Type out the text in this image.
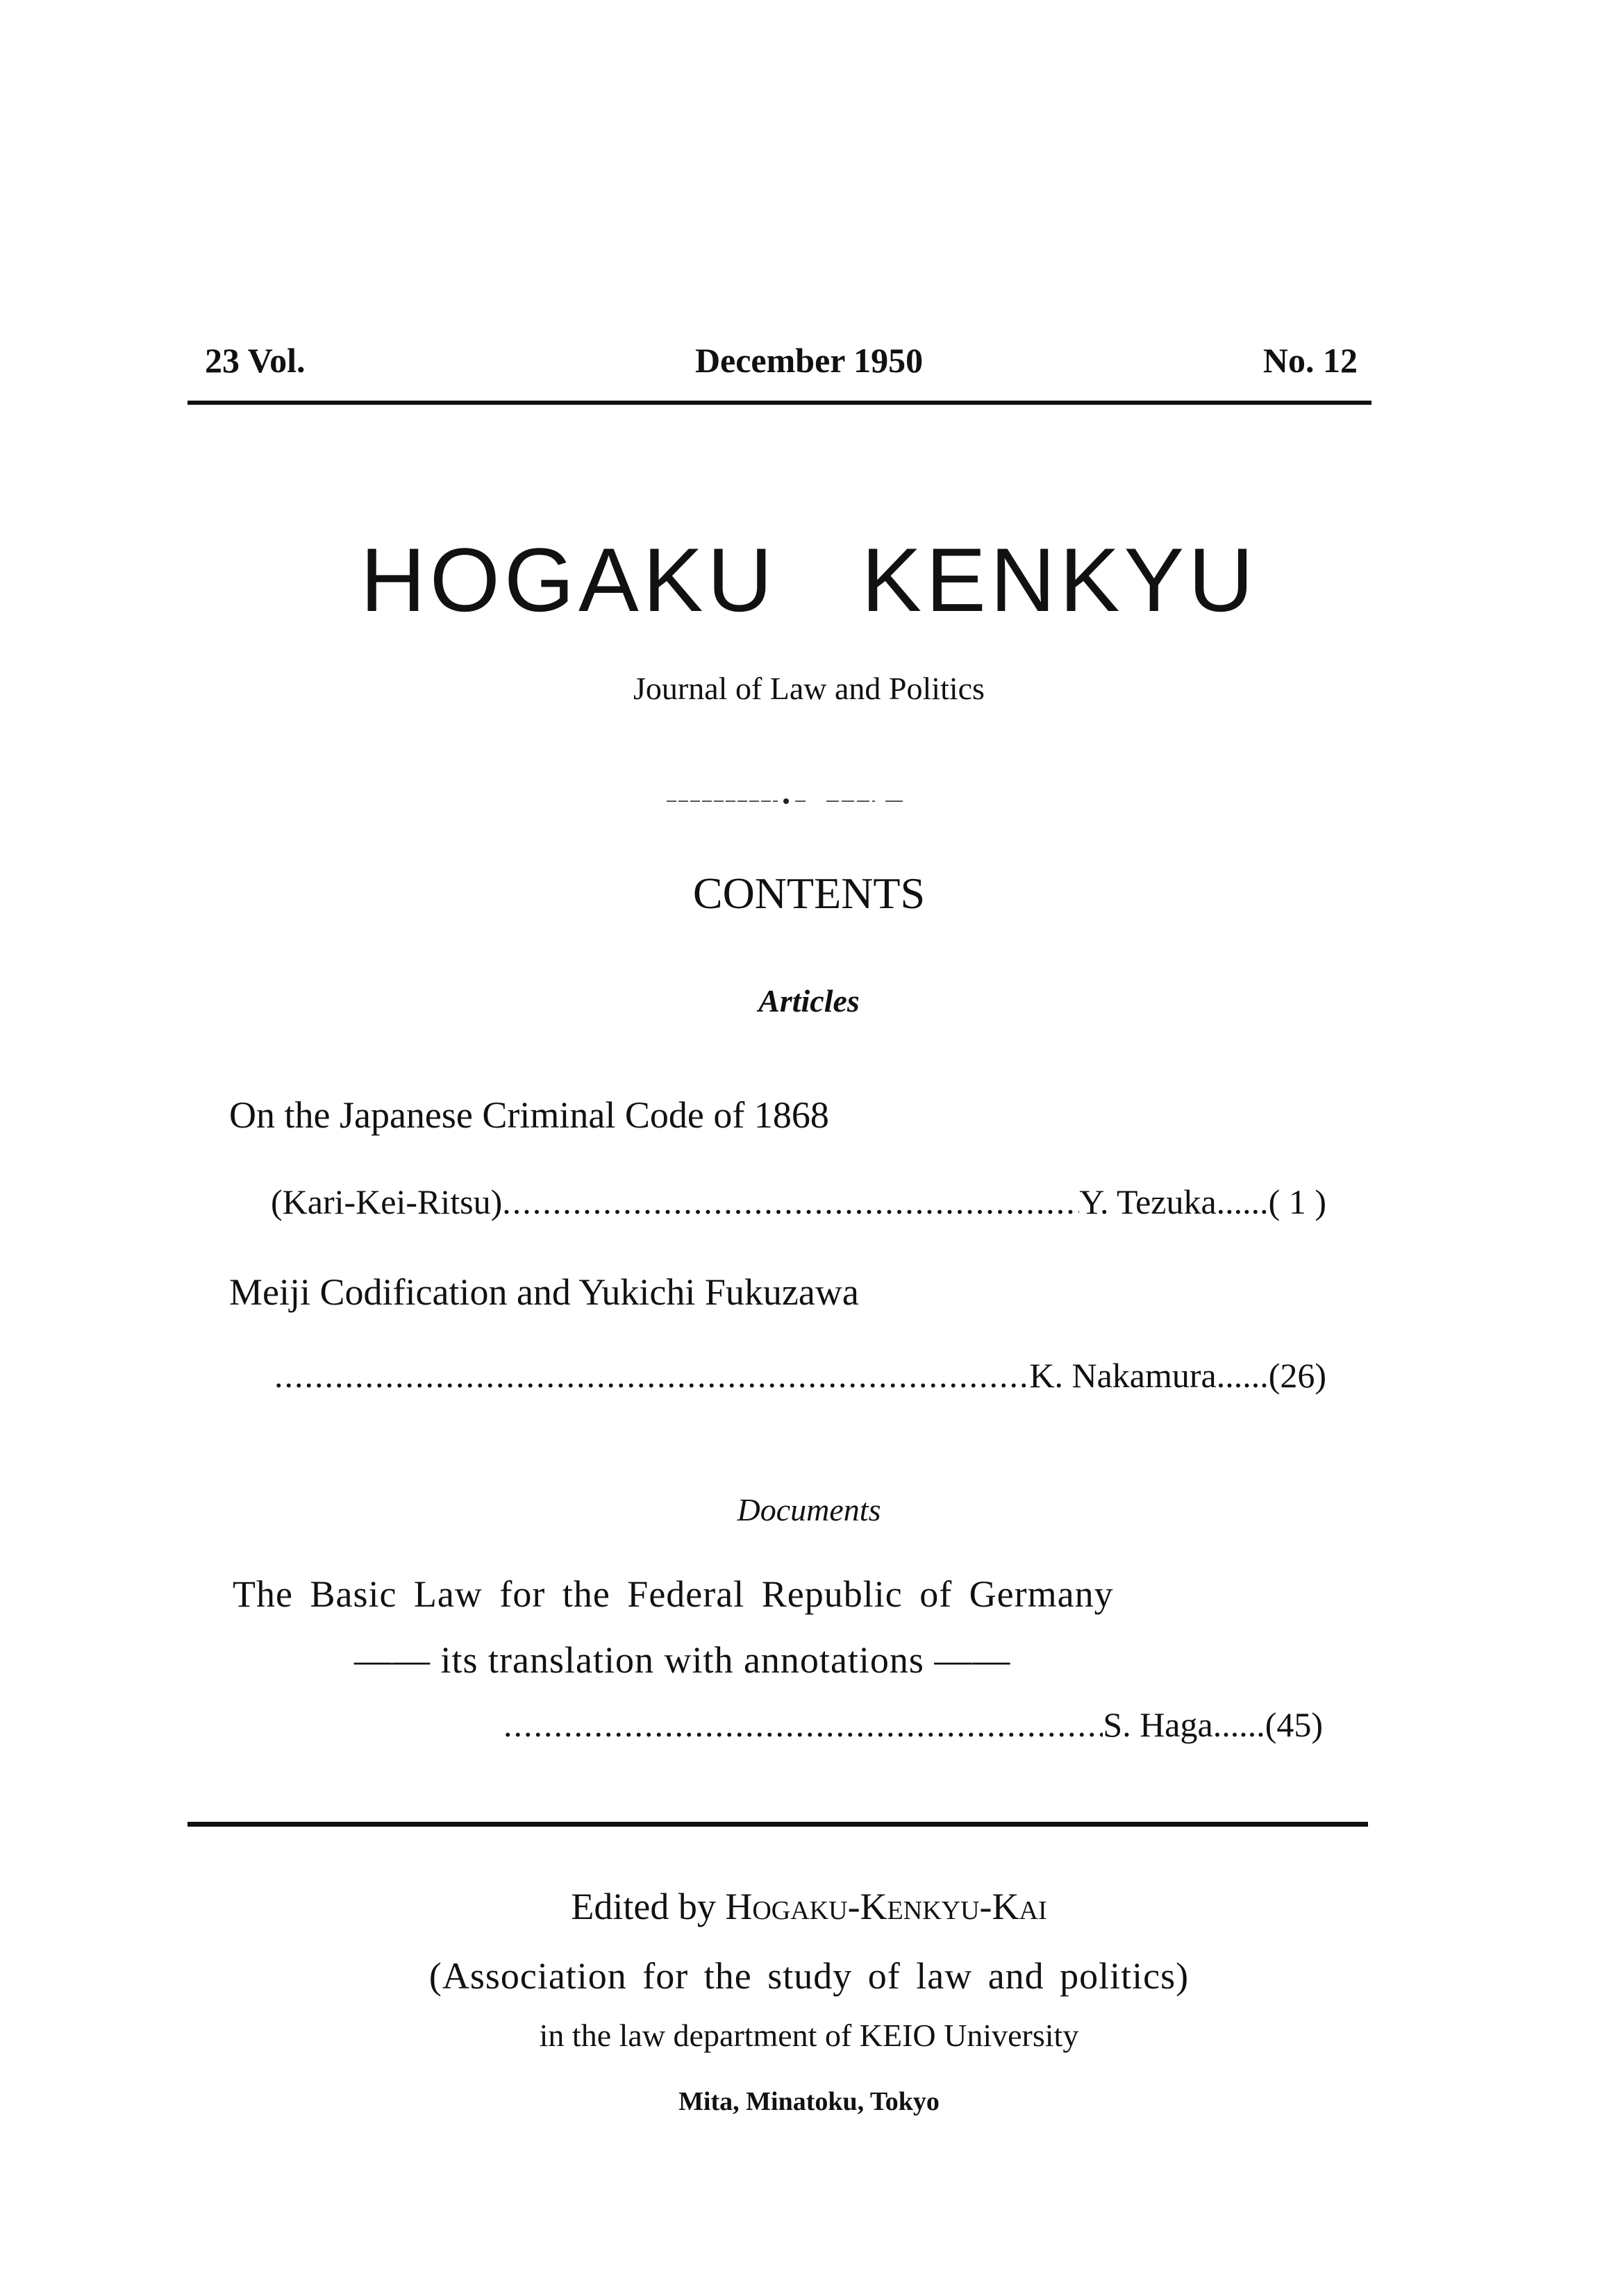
23 Vol.	December 1950	No. 12
HOGAKU KENKYU
Journal of Law and Politics
CONTENTS
Articles
On the Japanese Criminal Code of 1868
(Kari-Kei-Ritsu)
.....	Y. Tezuka......( 1 )
Meiji Codification and Yukichi Fukuzawa
.....
K. Nakamura......(26)
Documents
The Basic Law for the Federal Republic of Germany
—— its translation with annotations ——
.....
S. Haga......(45)
Edited by Hogaku-Kenkyu-Kai
(Association for the study of law and politics)
in the law department of KEIO University
Mita, Minatoku, Tokyo
